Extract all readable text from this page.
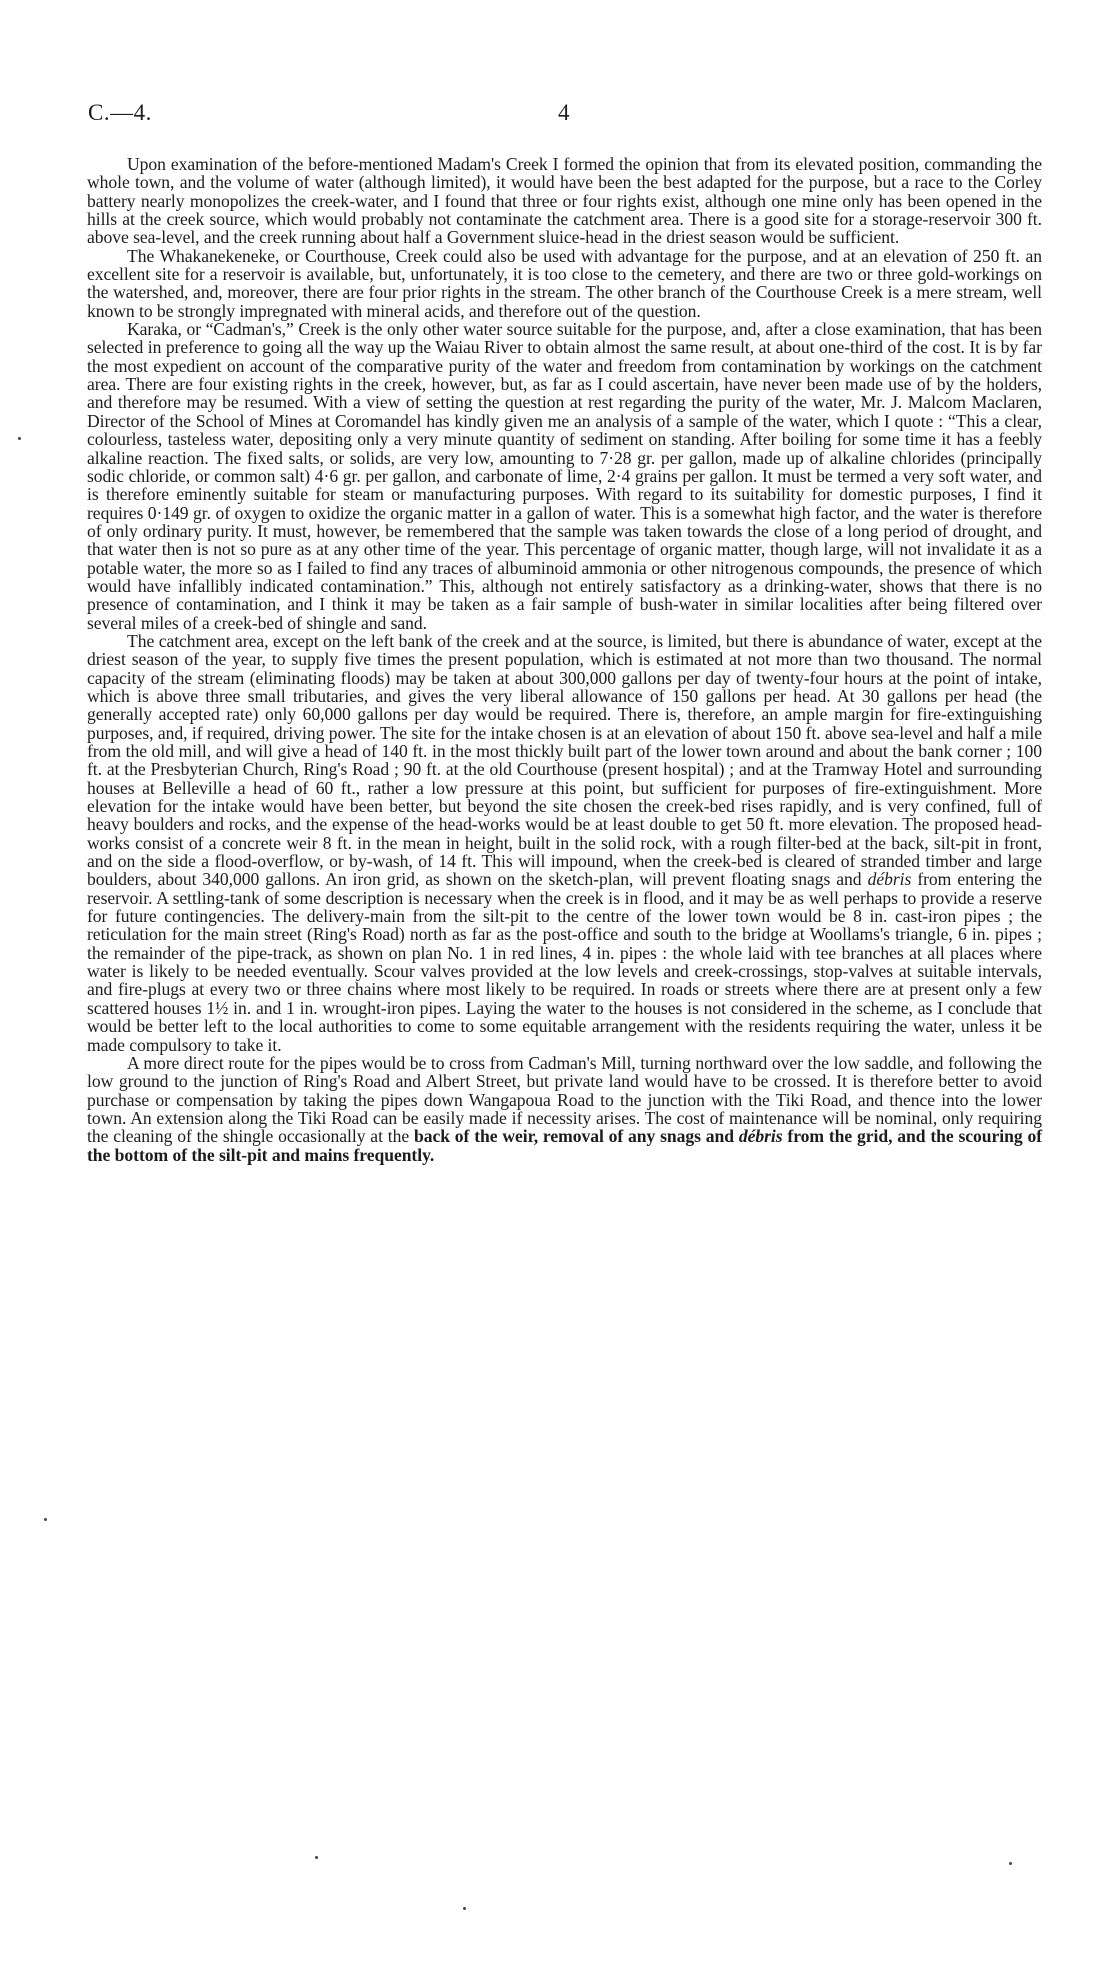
C.—4.	4

Upon examination of the before-mentioned Madam's Creek I formed the opinion that from its elevated position, commanding the whole town, and the volume of water (although limited), it would have been the best adapted for the purpose, but a race to the Corley battery nearly monopolizes the creek-water, and I found that three or four rights exist, although one mine only has been opened in the hills at the creek source, which would probably not contaminate the catchment area. There is a good site for a storage-reservoir 300 ft. above sea-level, and the creek running about half a Government sluice-head in the driest season would be sufficient.

The Whakanekeneke, or Courthouse, Creek could also be used with advantage for the purpose, and at an elevation of 250 ft. an excellent site for a reservoir is available, but, unfortunately, it is too close to the cemetery, and there are two or three gold-workings on the watershed, and, moreover, there are four prior rights in the stream. The other branch of the Courthouse Creek is a mere stream, well known to be strongly impregnated with mineral acids, and therefore out of the question.

Karaka, or “Cadman's,” Creek is the only other water source suitable for the purpose, and, after a close examination, that has been selected in preference to going all the way up the Waiau River to obtain almost the same result, at about one-third of the cost. It is by far the most expedient on account of the comparative purity of the water and freedom from contamination by workings on the catchment area. There are four existing rights in the creek, however, but, as far as I could ascertain, have never been made use of by the holders, and therefore may be resumed. With a view of setting the question at rest regarding the purity of the water, Mr. J. Malcom Maclaren, Director of the School of Mines at Coromandel has kindly given me an analysis of a sample of the water, which I quote : “This a clear, colourless, tasteless water, depositing only a very minute quantity of sediment on standing. After boiling for some time it has a feebly alkaline reaction. The fixed salts, or solids, are very low, amounting to 7·28 gr. per gallon, made up of alkaline chlorides (principally sodic chloride, or common salt) 4·6 gr. per gallon, and carbonate of lime, 2·4 grains per gallon. It must be termed a very soft water, and is therefore eminently suitable for steam or manufacturing purposes. With regard to its suitability for domestic purposes, I find it requires 0·149 gr. of oxygen to oxidize the organic matter in a gallon of water. This is a somewhat high factor, and the water is therefore of only ordinary purity. It must, however, be remembered that the sample was taken towards the close of a long period of drought, and that water then is not so pure as at any other time of the year. This percentage of organic matter, though large, will not invalidate it as a potable water, the more so as I failed to find any traces of albuminoid ammonia or other nitrogenous compounds, the presence of which would have infallibly indicated contamination.” This, although not entirely satisfactory as a drinking-water, shows that there is no presence of contamination, and I think it may be taken as a fair sample of bush-water in similar localities after being filtered over several miles of a creek-bed of shingle and sand.

The catchment area, except on the left bank of the creek and at the source, is limited, but there is abundance of water, except at the driest season of the year, to supply five times the present population, which is estimated at not more than two thousand. The normal capacity of the stream (eliminating floods) may be taken at about 300,000 gallons per day of twenty-four hours at the point of intake, which is above three small tributaries, and gives the very liberal allowance of 150 gallons per head. At 30 gallons per head (the generally accepted rate) only 60,000 gallons per day would be required. There is, therefore, an ample margin for fire-extinguishing purposes, and, if required, driving power. The site for the intake chosen is at an elevation of about 150 ft. above sea-level and half a mile from the old mill, and will give a head of 140 ft. in the most thickly built part of the lower town around and about the bank corner ; 100 ft. at the Presbyterian Church, Ring's Road ; 90 ft. at the old Courthouse (present hospital) ; and at the Tramway Hotel and surrounding houses at Belleville a head of 60 ft., rather a low pressure at this point, but sufficient for purposes of fire-extinguishment. More elevation for the intake would have been better, but beyond the site chosen the creek-bed rises rapidly, and is very confined, full of heavy boulders and rocks, and the expense of the head-works would be at least double to get 50 ft. more elevation. The proposed head-works consist of a concrete weir 8 ft. in the mean in height, built in the solid rock, with a rough filter-bed at the back, silt-pit in front, and on the side a flood-overflow, or by-wash, of 14 ft. This will impound, when the creek-bed is cleared of stranded timber and large boulders, about 340,000 gallons. An iron grid, as shown on the sketch-plan, will prevent floating snags and débris from entering the reservoir. A settling-tank of some description is necessary when the creek is in flood, and it may be as well perhaps to provide a reserve for future contingencies. The delivery-main from the silt-pit to the centre of the lower town would be 8 in. cast-iron pipes ; the reticulation for the main street (Ring's Road) north as far as the post-office and south to the bridge at Woollams's triangle, 6 in. pipes ; the remainder of the pipe-track, as shown on plan No. 1 in red lines, 4 in. pipes : the whole laid with tee branches at all places where water is likely to be needed eventually. Scour valves provided at the low levels and creek-crossings, stop-valves at suitable intervals, and fire-plugs at every two or three chains where most likely to be required. In roads or streets where there are at present only a few scattered houses 1½ in. and 1 in. wrought-iron pipes. Laying the water to the houses is not considered in the scheme, as I conclude that would be better left to the local authorities to come to some equitable arrangement with the residents requiring the water, unless it be made compulsory to take it.

A more direct route for the pipes would be to cross from Cadman's Mill, turning northward over the low saddle, and following the low ground to the junction of Ring's Road and Albert Street, but private land would have to be crossed. It is therefore better to avoid purchase or compensation by taking the pipes down Wangapoua Road to the junction with the Tiki Road, and thence into the lower town. An extension along the Tiki Road can be easily made if necessity arises. The cost of maintenance will be nominal, only requiring the cleaning of the shingle occasionally at the back of the weir, removal of any snags and débris from the grid, and the scouring of the bottom of the silt-pit and mains frequently.
